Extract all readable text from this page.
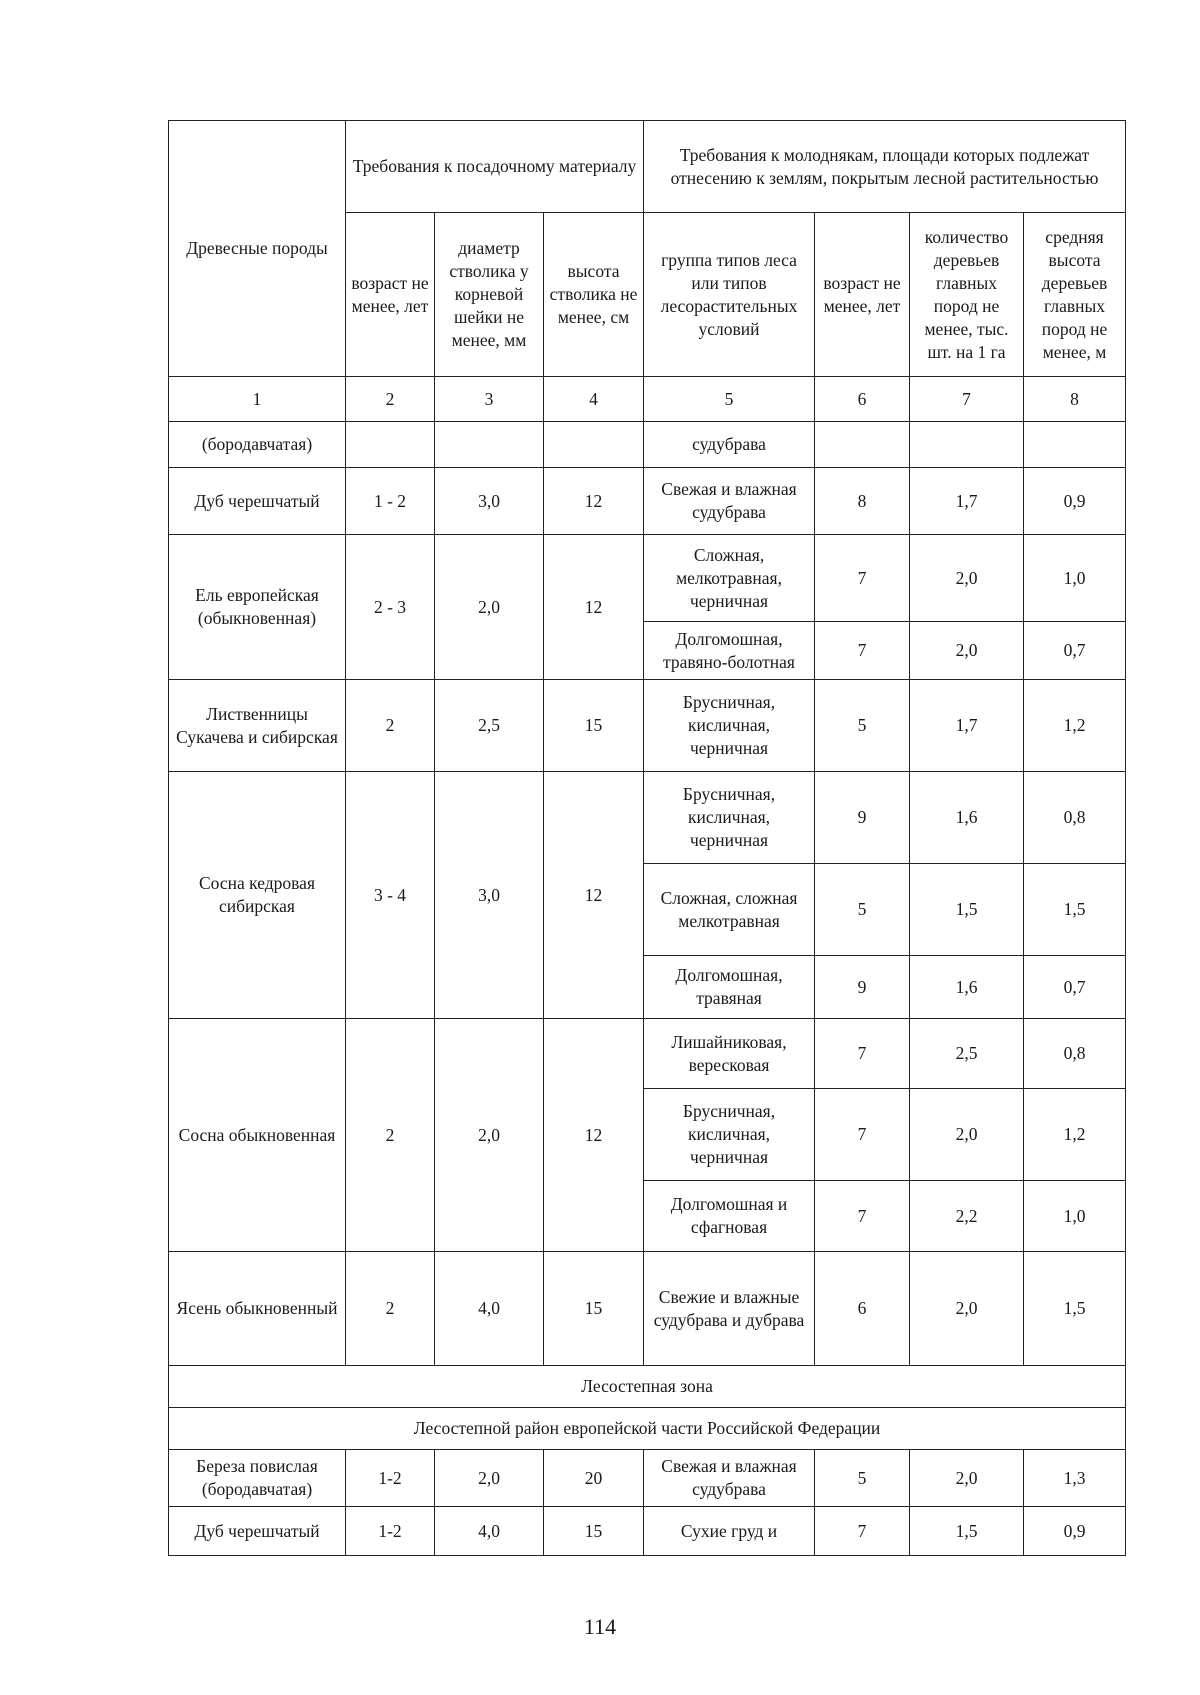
Древесные породы	Требования к посадочному материалу			Требования к молоднякам, площади которых подлежат отнесению к землям, покрытым лесной растительностью			
	возраст не менее, лет	диаметр стволика у корневой шейки не менее, мм	высота стволика не менее, см	группа типов леса или типов лесорастительных условий	возраст не менее, лет	количество деревьев главных пород не менее, тыс. шт. на 1 га	средняя высота деревьев главных пород не менее, м
1	2	3	4	5	6	7	8
(бородавчатая)				судубрава			
Дуб черешчатый	1 - 2	3,0	12	Свежая и влажная судубрава	8	1,7	0,9
Ель европейская (обыкновенная)	2 - 3	2,0	12	Сложная, мелкотравная, черничная	7	2,0	1,0
				Долгомошная, травяно-болотная	7	2,0	0,7
Лиственницы Сукачева и сибирская	2	2,5	15	Брусничная, кисличная, черничная	5	1,7	1,2
Сосна кедровая сибирская	3 - 4	3,0	12	Брусничная, кисличная, черничная	9	1,6	0,8
				Сложная, сложная мелкотравная	5	1,5	1,5
				Долгомошная, травяная	9	1,6	0,7
Сосна обыкновенная	2	2,0	12	Лишайниковая, вересковая	7	2,5	0,8
				Брусничная, кисличная, черничная	7	2,0	1,2
				Долгомошная и сфагновая	7	2,2	1,0
Ясень обыкновенный	2	4,0	15	Свежие и влажные судубрава и дубрава	6	2,0	1,5
Лесостепная зона							
Лесостепной район европейской части Российской Федерации							
Береза повислая (бородавчатая)	1-2	2,0	20	Свежая и влажная судубрава	5	2,0	1,3
Дуб черешчатый	1-2	4,0	15	Сухие груд и	7	1,5	0,9
114
